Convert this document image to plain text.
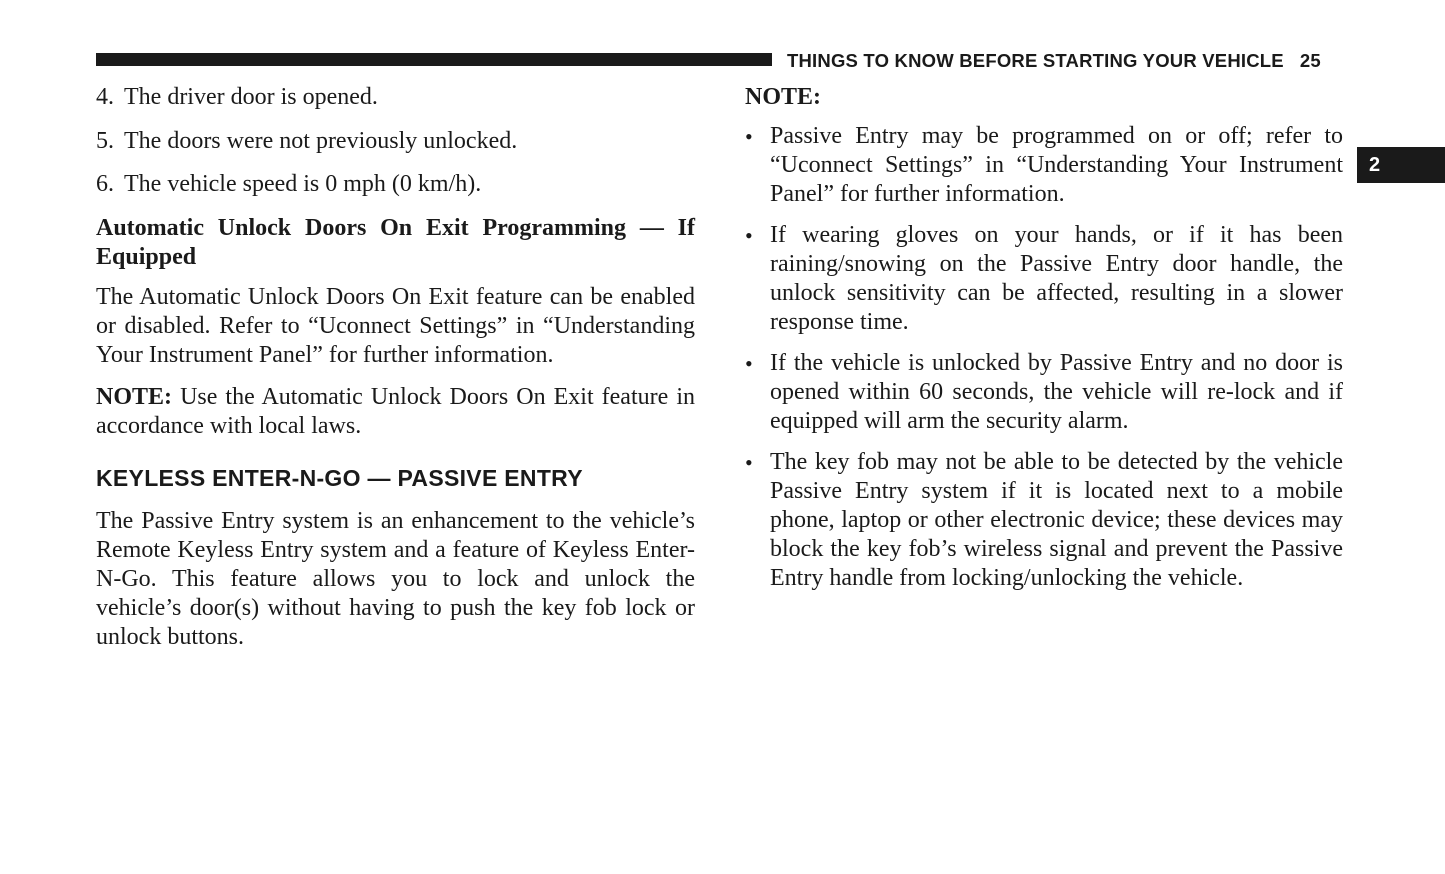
THINGS TO KNOW BEFORE STARTING YOUR VEHICLE 25
2
4. The driver door is opened.
5. The doors were not previously unlocked.
6. The vehicle speed is 0 mph (0 km/h).

Automatic Unlock Doors On Exit Programming — If Equipped

The Automatic Unlock Doors On Exit feature can be enabled or disabled. Refer to “Uconnect Settings” in “Understanding Your Instrument Panel” for further information.

NOTE: Use the Automatic Unlock Doors On Exit feature in accordance with local laws.

KEYLESS ENTER-N-GO — PASSIVE ENTRY

The Passive Entry system is an enhancement to the vehicle’s Remote Keyless Entry system and a feature of Keyless Enter-N-Go. This feature allows you to lock and unlock the vehicle’s door(s) without having to push the key fob lock or unlock buttons.

NOTE:
• Passive Entry may be programmed on or off; refer to “Uconnect Settings” in “Understanding Your Instrument Panel” for further information.
• If wearing gloves on your hands, or if it has been raining/snowing on the Passive Entry door handle, the unlock sensitivity can be affected, resulting in a slower response time.
• If the vehicle is unlocked by Passive Entry and no door is opened within 60 seconds, the vehicle will re-lock and if equipped will arm the security alarm.
• The key fob may not be able to be detected by the vehicle Passive Entry system if it is located next to a mobile phone, laptop or other electronic device; these devices may block the key fob’s wireless signal and prevent the Passive Entry handle from locking/unlocking the vehicle.
